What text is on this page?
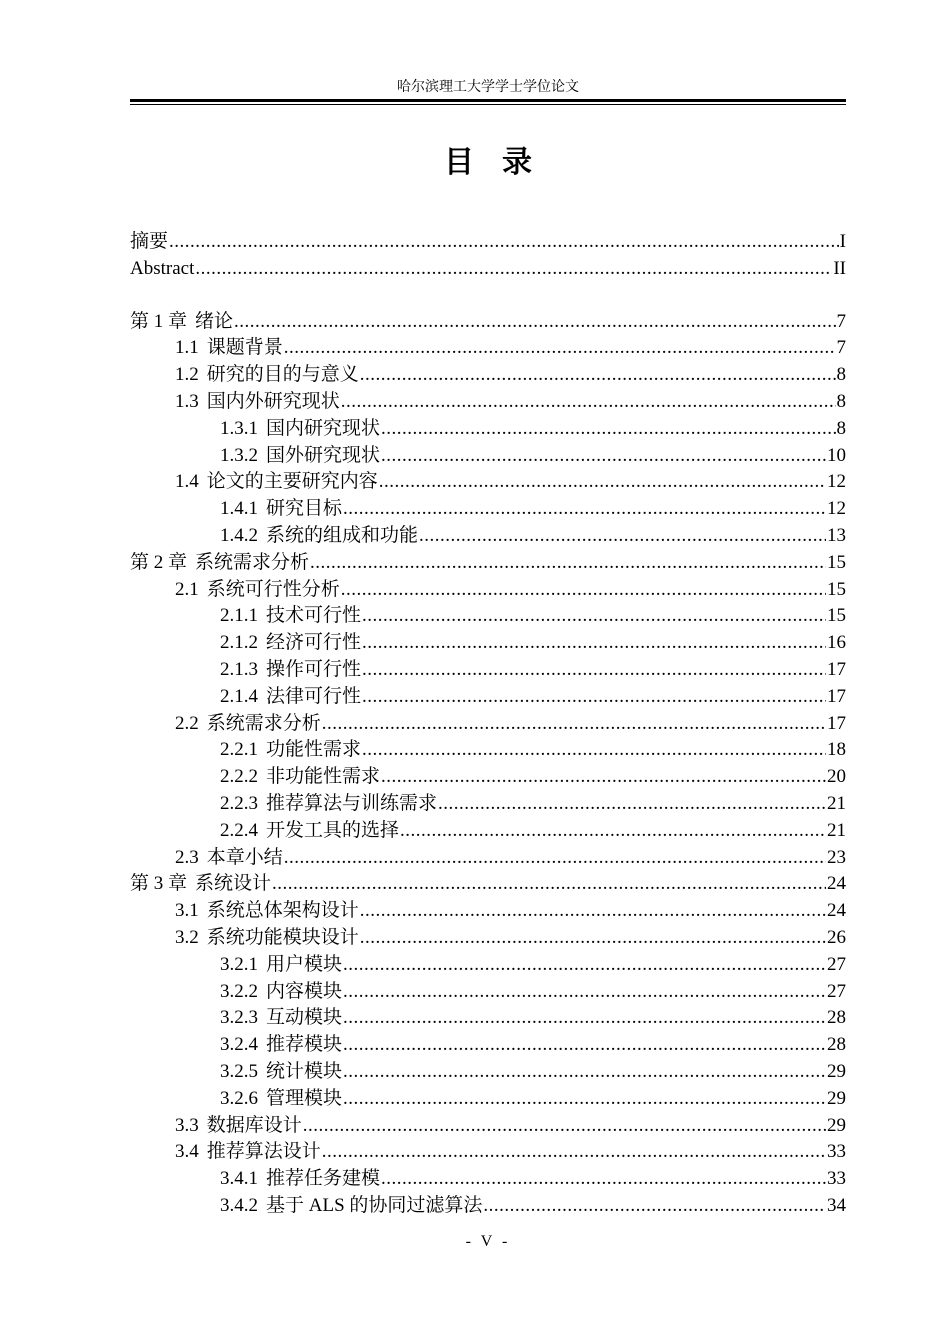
哈尔滨理工大学学士学位论文
目录
摘要 .....	I
Abstract .....	II
第 1 章 绪论 .....	7
1.1 课题背景 .....	7
1.2 研究的目的与意义 .....	8
1.3 国内外研究现状 .....	8
1.3.1 国内研究现状 .....	8
1.3.2 国外研究现状 .....	10
1.4 论文的主要研究内容 .....	12
1.4.1 研究目标 .....	12
1.4.2 系统的组成和功能 .....	13
第 2 章 系统需求分析 .....	15
2.1 系统可行性分析 .....	15
2.1.1 技术可行性 .....	15
2.1.2 经济可行性 .....	16
2.1.3 操作可行性 .....	17
2.1.4 法律可行性 .....	17
2.2 系统需求分析 .....	17
2.2.1 功能性需求 .....	18
2.2.2 非功能性需求 .....	20
2.2.3 推荐算法与训练需求 .....	21
2.2.4 开发工具的选择 .....	21
2.3 本章小结 .....	23
第 3 章 系统设计 .....	24
3.1 系统总体架构设计 .....	24
3.2 系统功能模块设计 .....	26
3.2.1 用户模块 .....	27
3.2.2 内容模块 .....	27
3.2.3 互动模块 .....	28
3.2.4 推荐模块 .....	28
3.2.5 统计模块 .....	29
3.2.6 管理模块 .....	29
3.3 数据库设计 .....	29
3.4 推荐算法设计 .....	33
3.4.1 推荐任务建模 .....	33
3.4.2 基于 ALS 的协同过滤算法 .....	34
- V -
